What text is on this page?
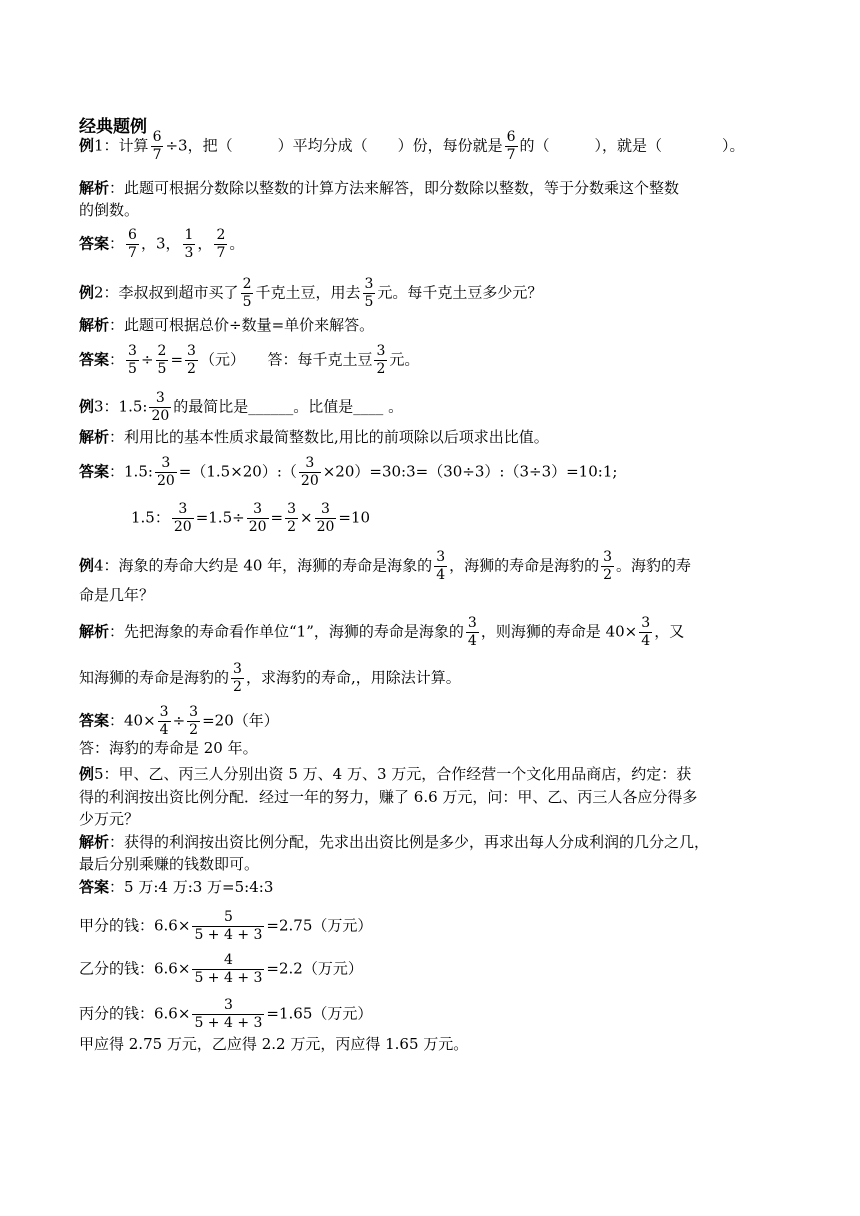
经典题例
例1：计算 $\frac{6}{7} \div 3$，把（　　　）平均分成（　　）份，每份就是 $\frac{6}{7}$ 的（　　　），就是（　　　　）。
解析：此题可根据分数除以整数的计算方法来解答，即分数除以整数，等于分数乘这个整数
的倒数。
答案： $\frac{6}{7}$ ，3， $\frac{1}{3}$ ， $\frac{2}{7}$ 。
例2：李叔叔到超市买了 $\frac{2}{5}$ 千克土豆，用去 $\frac{3}{5}$ 元。每千克土豆多少元？
解析：此题可根据总价÷数量=单价来解答。
答案： $\frac{3}{5} \div \frac{2}{5} = \frac{3}{2}$ （元）　　答：每千克土豆 $\frac{3}{2}$ 元。
例3：1.5: $\frac{3}{20}$ 的最简比是______。比值是____ 。
解析：利用比的基本性质求最简整数比,用比的前项除以后项求出比值。
答案：1.5: $\frac{3}{20}$ =（1.5×20）:（ $\frac{3}{20}$ ×20）=30:3=（30÷3）:（3÷3）=10:1;
1.5： $\frac{3}{20} =1.5\div \frac{3}{20} = \frac{3}{2} \times \frac{3}{20} =10$
例4：海象的寿命大约是 40 年，海狮的寿命是海象的 $\frac{3}{4}$ ，海狮的寿命是海豹的 $\frac{3}{2}$ 。海豹的寿
命是几年？
解析：先把海象的寿命看作单位“1”，海狮的寿命是海象的 $\frac{3}{4}$ ，则海狮的寿命是 $40\times \frac{3}{4}$ ，又
知海狮的寿命是海豹的 $\frac{3}{2}$ ，求海豹的寿命,，用除法计算。
答案：$40\times \frac{3}{4} \div \frac{3}{2} =20$（年）
答：海豹的寿命是 20 年。
例5：甲、乙、丙三人分别出资 5 万、4 万、3 万元，合作经营一个文化用品商店，约定：获
得的利润按出资比例分配．经过一年的努力，赚了 6.6 万元，问：甲、乙、丙三人各应分得多
少万元？
解析：获得的利润按出资比例分配，先求出出资比例是多少，再求出每人分成利润的几分之几，
最后分别乘赚的钱数即可。
答案：5 万:4 万:3 万=5:4:3
甲分的钱：$6.6\times \frac{5}{5 + 4 + 3} =2.75$（万元）
乙分的钱：$6.6\times \frac{4}{5 + 4 + 3} =2.2$（万元）
丙分的钱：$6.6\times \frac{3}{5 + 4 + 3} =1.65$（万元）
甲应得 2.75 万元，乙应得 2.2 万元，丙应得 1.65 万元。
